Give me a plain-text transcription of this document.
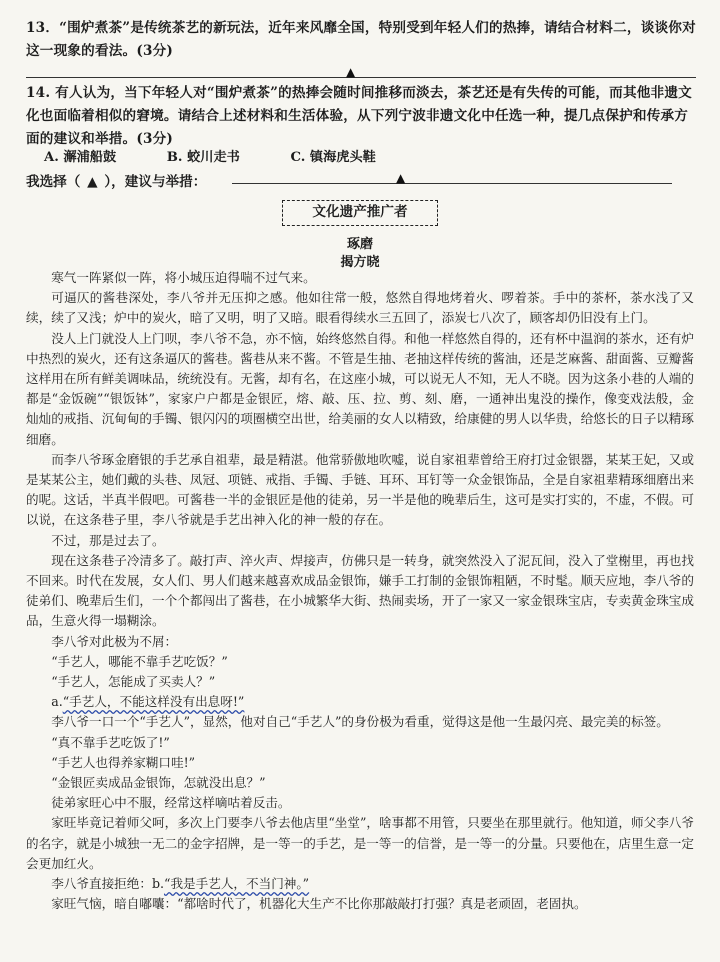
13．“围炉煮茶”是传统茶艺的新玩法，近年来风靡全国，特别受到年轻人们的热捧，请结合材料二，谈谈你对这一现象的看法。(3分)
▲
14. 有人认为，当下年轻人对“围炉煮茶”的热捧会随时间推移而淡去，茶艺还是有失传的可能，而其他非遗文化也面临着相似的窘境。请结合上述材料和生活体验，从下列宁波非遗文化中任选一种，提几点保护和传承方面的建议和举措。(3分)
A. 澥浦船鼓	B. 蛟川走书	C. 镇海虎头鞋
我选择（ ▲ ），建议与举措：	▲
文化遗产推广者
琢磨
揭方晓

寒气一阵紧似一阵，将小城压迫得喘不过气来。

可逼仄的酱巷深处，李八爷并无压抑之感。他如往常一般，悠然自得地烤着火、啰着茶。手中的茶杯，茶水浅了又续，续了又浅；炉中的炭火，暗了又明，明了又暗。眼看得续水三五回了，添炭七八次了，顾客却仍旧没有上门。

没人上门就没人上门呗，李八爷不急，亦不恼，始终悠然自得。和他一样悠然自得的，还有杯中温润的茶水，还有炉中热烈的炭火，还有这条逼仄的酱巷。酱巷从来不酱。不管是生抽、老抽这样传统的酱油，还是芝麻酱、甜面酱、豆瓣酱这样用在所有鲜美调味品，统统没有。无酱，却有名，在这座小城，可以说无人不知，无人不晓。因为这条小巷的人端的都是“金饭碗”“银饭钵”，家家户户都是金银匠，熔、敲、压、拉、剪、刻、磨，一通神出鬼没的操作，像变戏法般，金灿灿的戒指、沉甸甸的手镯、银闪闪的项圈横空出世，给美丽的女人以精致，给康健的男人以华贵，给悠长的日子以精琢细磨。

而李八爷琢金磨银的手艺承自祖辈，最是精湛。他常骄傲地吹嘘，说自家祖辈曾给王府打过金银器，某某王妃，又或是某某公主，她们戴的头巷、凤冠、项链、戒指、手镯、手链、耳环、耳钉等一众金银饰品，全是自家祖辈精琢细磨出来的呢。这话，半真半假吧。可酱巷一半的金银匠是他的徒弟，另一半是他的晚辈后生，这可是实打实的，不虚，不假。可以说，在这条巷子里，李八爷就是手艺出神入化的神一般的存在。

不过，那是过去了。

现在这条巷子冷清多了。敲打声、淬火声、焊接声，仿佛只是一转身，就突然没入了泥瓦间，没入了堂榭里，再也找不回来。时代在发展，女人们、男人们越来越喜欢成品金银饰，嫌手工打制的金银饰粗陋，不时髦。顺天应地，李八爷的徒弟们、晚辈后生们，一个个都闯出了酱巷，在小城繁华大街、热闹卖场，开了一家又一家金银珠宝店，专卖黄金珠宝成品，生意火得一塌糊涂。

李八爷对此极为不屑：

“手艺人，哪能不靠手艺吃饭？”

“手艺人，怎能成了买卖人？”

a.“手艺人，不能这样没有出息呀!”

李八爷一口一个“手艺人”，显然，他对自己“手艺人”的身份极为看重，觉得这是他一生最闪亮、最完美的标签。

“真不靠手艺吃饭了!”

“手艺人也得养家糊口哇!”

“金银匠卖成品金银饰，怎就没出息？”

徒弟家旺心中不服，经常这样嘀咕着反击。

家旺毕竟记着师父呵，多次上门要李八爷去他店里“坐堂”，啥事都不用管，只要坐在那里就行。他知道，师父李八爷的名字，就是小城独一无二的金字招牌，是一等一的手艺，是一等一的信誉，是一等一的分量。只要他在，店里生意一定会更加红火。

李八爷直接拒绝：b.“我是手艺人，不当门神。”

家旺气恼，暗自嘟囔：“都啥时代了，机器化大生产不比你那敲敲打打强？真是老顽固，老固执。
